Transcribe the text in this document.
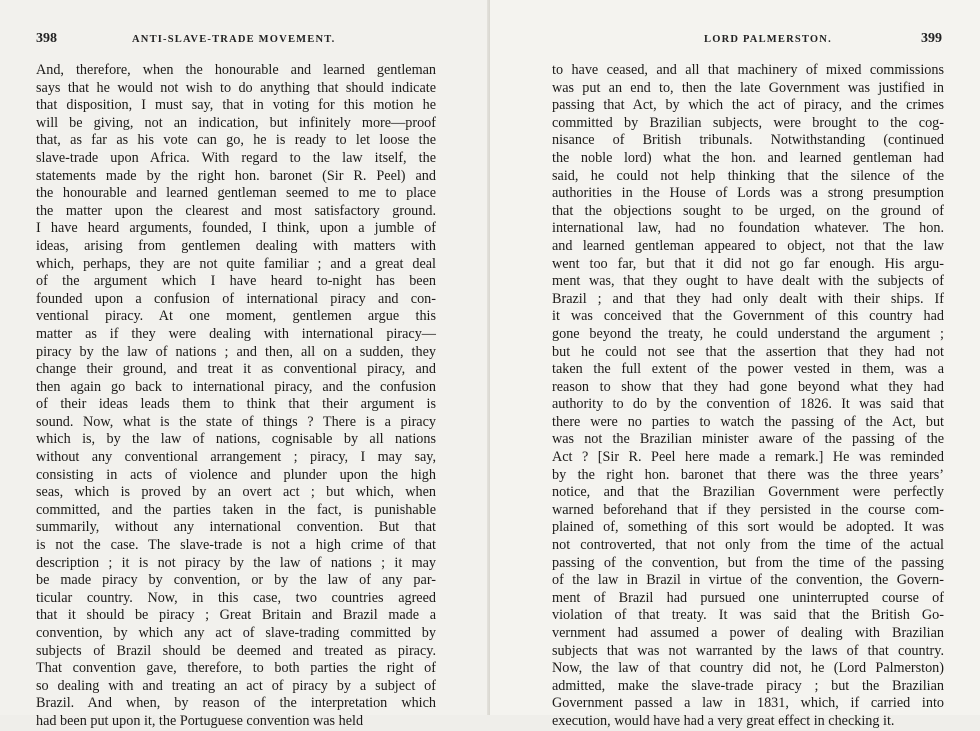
398	ANTI-SLAVE-TRADE MOVEMENT.
And, therefore, when the honourable and learned gentleman
says that he would not wish to do anything that should indicate
that disposition, I must say, that in voting for this motion he
will be giving, not an indication, but infinitely more—proof
that, as far as his vote can go, he is ready to let loose the
slave-trade upon Africa. With regard to the law itself, the
statements made by the right hon. baronet (Sir R. Peel) and
the honourable and learned gentleman seemed to me to place
the matter upon the clearest and most satisfactory ground.
I have heard arguments, founded, I think, upon a jumble of
ideas, arising from gentlemen dealing with matters with
which, perhaps, they are not quite familiar ; and a great deal
of the argument which I have heard to-night has been
founded upon a confusion of international piracy and con-
ventional piracy. At one moment, gentlemen argue this
matter as if they were dealing with international piracy—
piracy by the law of nations ; and then, all on a sudden, they
change their ground, and treat it as conventional piracy, and
then again go back to international piracy, and the confusion
of their ideas leads them to think that their argument is
sound. Now, what is the state of things ? There is a piracy
which is, by the law of nations, cognisable by all nations
without any conventional arrangement ; piracy, I may say,
consisting in acts of violence and plunder upon the high
seas, which is proved by an overt act ; but which, when
committed, and the parties taken in the fact, is punishable
summarily, without any international convention. But that
is not the case. The slave-trade is not a high crime of that
description ; it is not piracy by the law of nations ; it may
be made piracy by convention, or by the law of any par-
ticular country. Now, in this case, two countries agreed
that it should be piracy ; Great Britain and Brazil made a
convention, by which any act of slave-trading committed by
subjects of Brazil should be deemed and treated as piracy.
That convention gave, therefore, to both parties the right of
so dealing with and treating an act of piracy by a subject of
Brazil. And when, by reason of the interpretation which
had been put upon it, the Portuguese convention was held
LORD PALMERSTON.	399
to have ceased, and all that machinery of mixed commissions
was put an end to, then the late Government was justified in
passing that Act, by which the act of piracy, and the crimes
committed by Brazilian subjects, were brought to the cog-
nisance of British tribunals. Notwithstanding (continued
the noble lord) what the hon. and learned gentleman had
said, he could not help thinking that the silence of the
authorities in the House of Lords was a strong presumption
that the objections sought to be urged, on the ground of
international law, had no foundation whatever. The hon.
and learned gentleman appeared to object, not that the law
went too far, but that it did not go far enough. His argu-
ment was, that they ought to have dealt with the subjects of
Brazil ; and that they had only dealt with their ships. If
it was conceived that the Government of this country had
gone beyond the treaty, he could understand the argument ;
but he could not see that the assertion that they had not
taken the full extent of the power vested in them, was a
reason to show that they had gone beyond what they had
authority to do by the convention of 1826. It was said that
there were no parties to watch the passing of the Act, but
was not the Brazilian minister aware of the passing of the
Act ? [Sir R. Peel here made a remark.] He was reminded
by the right hon. baronet that there was the three years’
notice, and that the Brazilian Government were perfectly
warned beforehand that if they persisted in the course com-
plained of, something of this sort would be adopted. It was
not controverted, that not only from the time of the actual
passing of the convention, but from the time of the passing
of the law in Brazil in virtue of the convention, the Govern-
ment of Brazil had pursued one uninterrupted course of
violation of that treaty. It was said that the British Go-
vernment had assumed a power of dealing with Brazilian
subjects that was not warranted by the laws of that country.
Now, the law of that country did not, he (Lord Palmerston)
admitted, make the slave-trade piracy ; but the Brazilian
Government passed a law in 1831, which, if carried into
execution, would have had a very great effect in checking it.
